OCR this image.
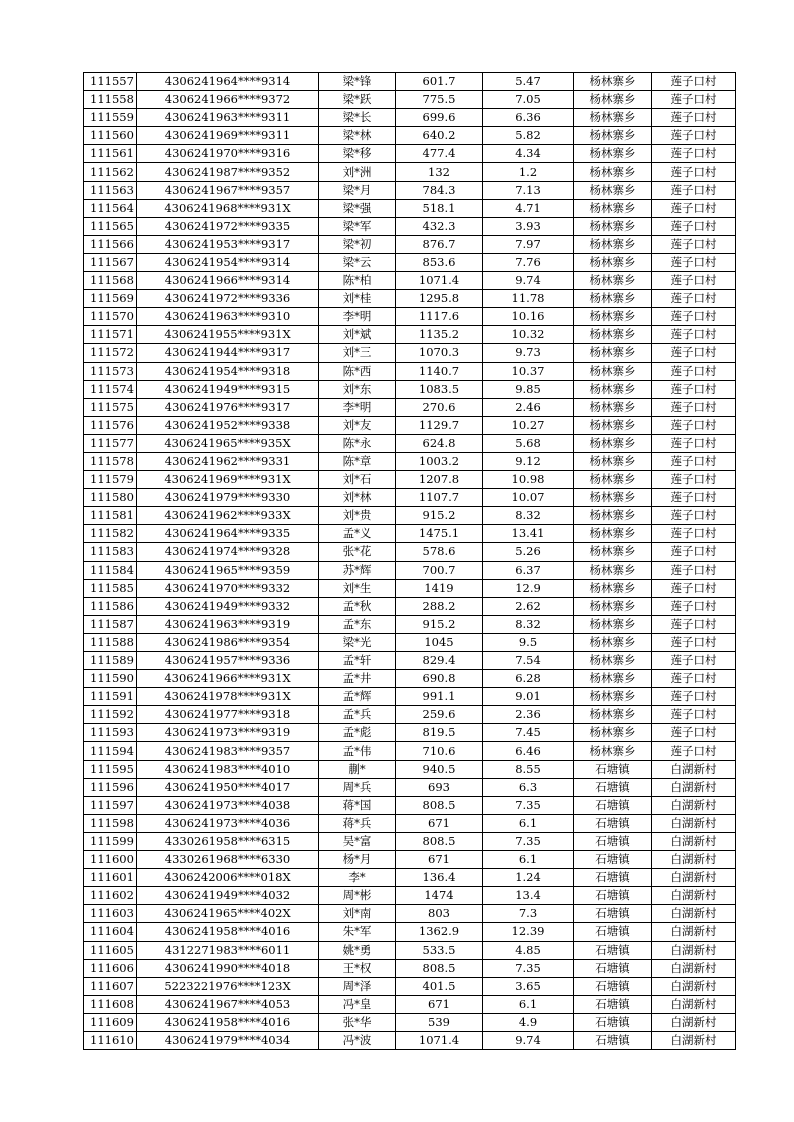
111557	4306241964****9314	梁*锋	601.7	5.47	杨林寨乡	莲子口村
111558	4306241966****9372	梁*跃	775.5	7.05	杨林寨乡	莲子口村
111559	4306241963****9311	梁*长	699.6	6.36	杨林寨乡	莲子口村
111560	4306241969****9311	梁*林	640.2	5.82	杨林寨乡	莲子口村
111561	4306241970****9316	梁*移	477.4	4.34	杨林寨乡	莲子口村
111562	4306241987****9352	刘*洲	132	1.2	杨林寨乡	莲子口村
111563	4306241967****9357	梁*月	784.3	7.13	杨林寨乡	莲子口村
111564	4306241968****931X	梁*强	518.1	4.71	杨林寨乡	莲子口村
111565	4306241972****9335	梁*军	432.3	3.93	杨林寨乡	莲子口村
111566	4306241953****9317	梁*初	876.7	7.97	杨林寨乡	莲子口村
111567	4306241954****9314	梁*云	853.6	7.76	杨林寨乡	莲子口村
111568	4306241966****9314	陈*柏	1071.4	9.74	杨林寨乡	莲子口村
111569	4306241972****9336	刘*桂	1295.8	11.78	杨林寨乡	莲子口村
111570	4306241963****9310	李*明	1117.6	10.16	杨林寨乡	莲子口村
111571	4306241955****931X	刘*斌	1135.2	10.32	杨林寨乡	莲子口村
111572	4306241944****9317	刘*三	1070.3	9.73	杨林寨乡	莲子口村
111573	4306241954****9318	陈*西	1140.7	10.37	杨林寨乡	莲子口村
111574	4306241949****9315	刘*东	1083.5	9.85	杨林寨乡	莲子口村
111575	4306241976****9317	李*明	270.6	2.46	杨林寨乡	莲子口村
111576	4306241952****9338	刘*友	1129.7	10.27	杨林寨乡	莲子口村
111577	4306241965****935X	陈*永	624.8	5.68	杨林寨乡	莲子口村
111578	4306241962****9331	陈*章	1003.2	9.12	杨林寨乡	莲子口村
111579	4306241969****931X	刘*石	1207.8	10.98	杨林寨乡	莲子口村
111580	4306241979****9330	刘*林	1107.7	10.07	杨林寨乡	莲子口村
111581	4306241962****933X	刘*贵	915.2	8.32	杨林寨乡	莲子口村
111582	4306241964****9335	孟*义	1475.1	13.41	杨林寨乡	莲子口村
111583	4306241974****9328	张*花	578.6	5.26	杨林寨乡	莲子口村
111584	4306241965****9359	苏*辉	700.7	6.37	杨林寨乡	莲子口村
111585	4306241970****9332	刘*生	1419	12.9	杨林寨乡	莲子口村
111586	4306241949****9332	孟*秋	288.2	2.62	杨林寨乡	莲子口村
111587	4306241963****9319	孟*东	915.2	8.32	杨林寨乡	莲子口村
111588	4306241986****9354	梁*光	1045	9.5	杨林寨乡	莲子口村
111589	4306241957****9336	孟*轩	829.4	7.54	杨林寨乡	莲子口村
111590	4306241966****931X	孟*井	690.8	6.28	杨林寨乡	莲子口村
111591	4306241978****931X	孟*辉	991.1	9.01	杨林寨乡	莲子口村
111592	4306241977****9318	孟*兵	259.6	2.36	杨林寨乡	莲子口村
111593	4306241973****9319	孟*彪	819.5	7.45	杨林寨乡	莲子口村
111594	4306241983****9357	孟*伟	710.6	6.46	杨林寨乡	莲子口村
111595	4306241983****4010	蒯*	940.5	8.55	石塘镇	白湖新村
111596	4306241950****4017	周*兵	693	6.3	石塘镇	白湖新村
111597	4306241973****4038	蒋*国	808.5	7.35	石塘镇	白湖新村
111598	4306241973****4036	蒋*兵	671	6.1	石塘镇	白湖新村
111599	4330261958****6315	吴*富	808.5	7.35	石塘镇	白湖新村
111600	4330261968****6330	杨*月	671	6.1	石塘镇	白湖新村
111601	4306242006****018X	李*	136.4	1.24	石塘镇	白湖新村
111602	4306241949****4032	周*彬	1474	13.4	石塘镇	白湖新村
111603	4306241965****402X	刘*南	803	7.3	石塘镇	白湖新村
111604	4306241958****4016	朱*军	1362.9	12.39	石塘镇	白湖新村
111605	4312271983****6011	姚*勇	533.5	4.85	石塘镇	白湖新村
111606	4306241990****4018	王*权	808.5	7.35	石塘镇	白湖新村
111607	5223221976****123X	周*泽	401.5	3.65	石塘镇	白湖新村
111608	4306241967****4053	冯*皇	671	6.1	石塘镇	白湖新村
111609	4306241958****4016	张*华	539	4.9	石塘镇	白湖新村
111610	4306241979****4034	冯*波	1071.4	9.74	石塘镇	白湖新村
